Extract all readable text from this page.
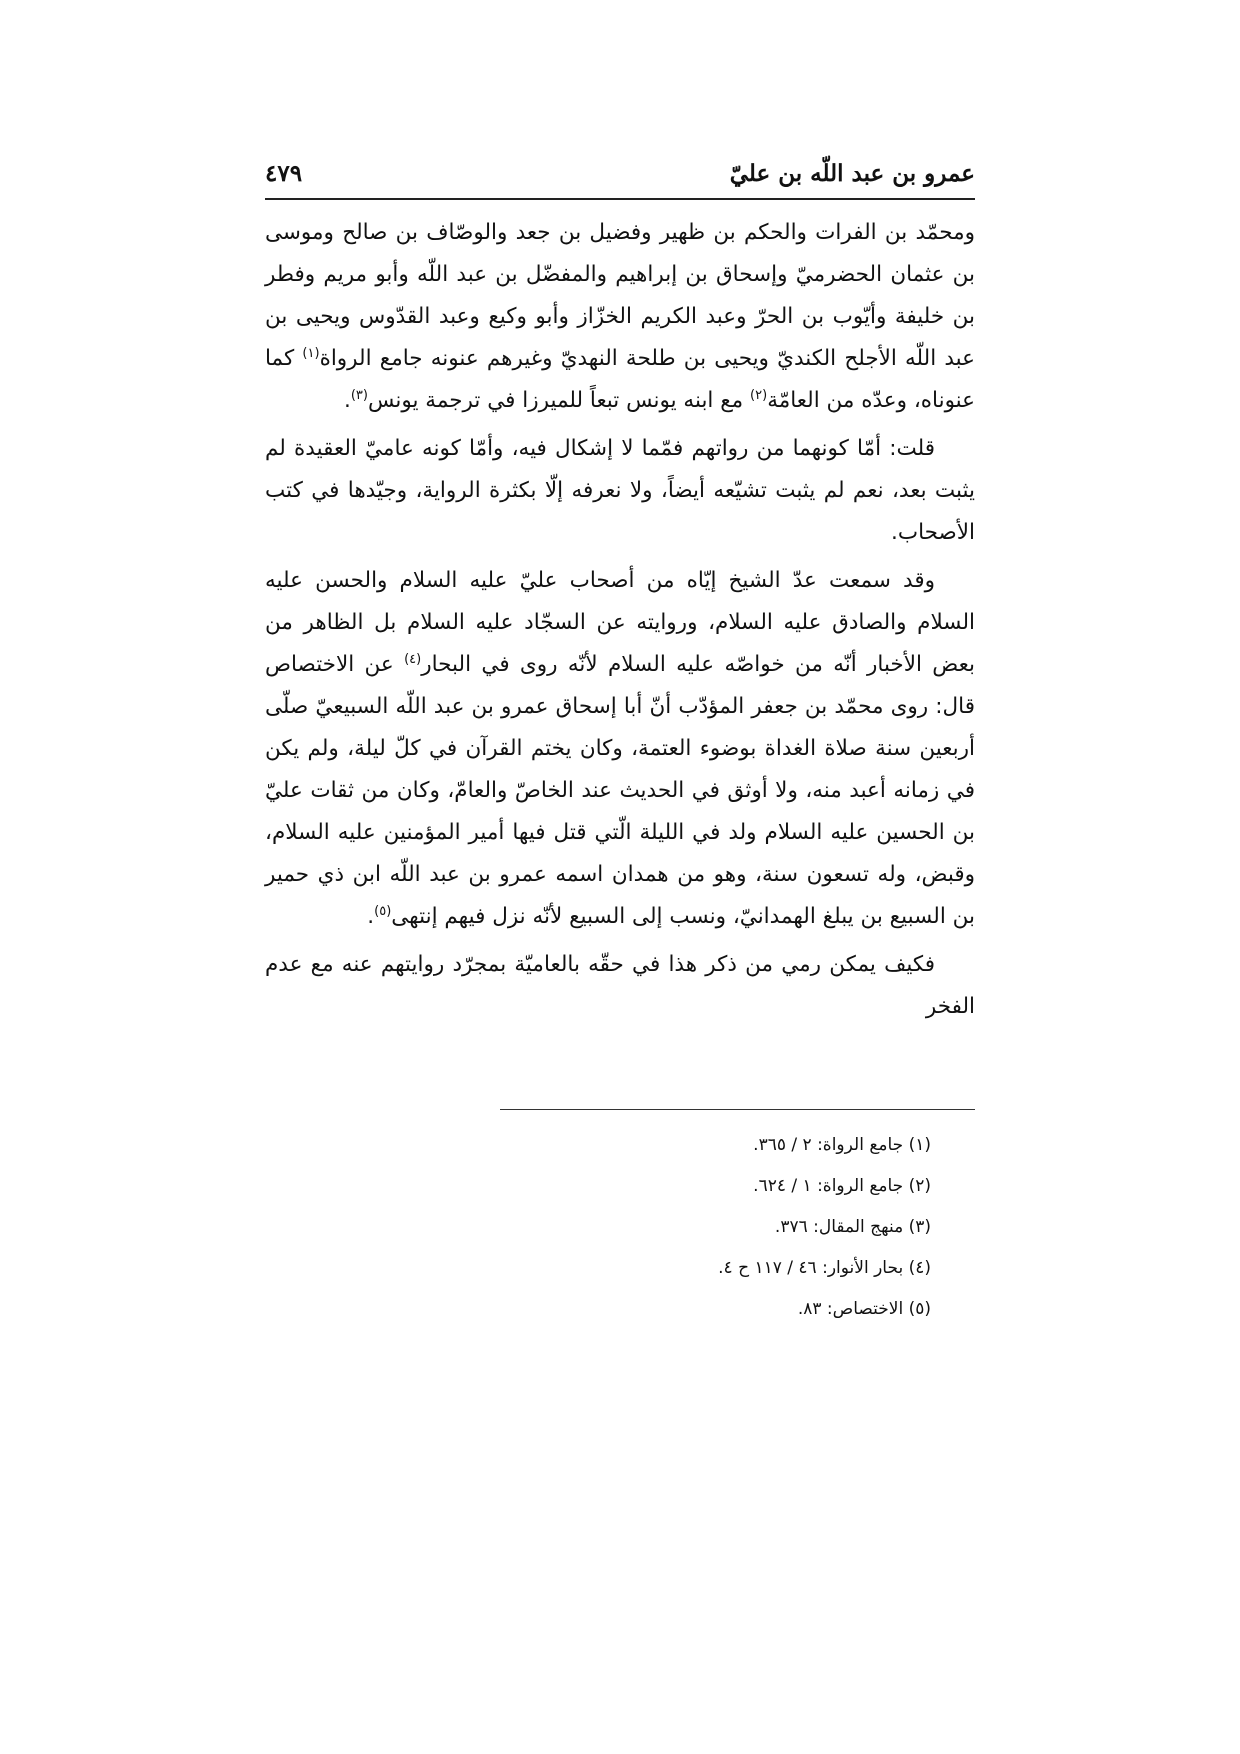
عمرو بن عبد اللّه بن عليّ
٤٧٩

ومحمّد بن الفرات والحكم بن ظهير وفضيل بن جعد والوصّاف بن صالح وموسى بن عثمان الحضرميّ وإسحاق بن إبراهيم والمفضّل بن عبد اللّه وأبو مريم وفطر بن خليفة وأيّوب بن الحرّ وعبد الكريم الخزّاز وأبو وكيع وعبد القدّوس ويحيى بن عبد اللّه الأجلح الكنديّ ويحيى بن طلحة النهديّ وغيرهم عنونه جامع الرواة$^{(١)}$ كما عنوناه، وعدّه من العامّة$^{(٢)}$ مع ابنه يونس تبعاً للميرزا في ترجمة يونس$^{(٣)}$.

قلت: أمّا كونهما من رواتهم فمّما لا إشكال فيه، وأمّا كونه عاميّ العقيدة لم يثبت بعد، نعم لم يثبت تشيّعه أيضاً، ولا نعرفه إلّا بكثرة الرواية، وجيّدها في كتب الأصحاب.

وقد سمعت عدّ الشيخ إيّاه من أصحاب عليّ عليه السلام والحسن عليه السلام والصادق عليه السلام، وروايته عن السجّاد عليه السلام بل الظاهر من بعض الأخبار أنّه من خواصّه عليه السلام لأنّه روى في البحار$^{(٤)}$ عن الاختصاص قال: روى محمّد بن جعفر المؤدّب أنّ أبا إسحاق عمرو بن عبد اللّه السبيعيّ صلّى أربعين سنة صلاة الغداة بوضوء العتمة، وكان يختم القرآن في كلّ ليلة، ولم يكن في زمانه أعبد منه، ولا أوثق في الحديث عند الخاصّ والعامّ، وكان من ثقات عليّ بن الحسين عليه السلام ولد في الليلة الّتي قتل فيها أمير المؤمنين عليه السلام، وقبض، وله تسعون سنة، وهو من همدان اسمه عمرو بن عبد اللّه ابن ذي حمير بن السبيع بن يبلغ الهمدانيّ، ونسب إلى السبيع لأنّه نزل فيهم إنتهى$^{(٥)}$.

فكيف يمكن رمي من ذكر هذا في حقّه بالعاميّة بمجرّد روايتهم عنه مع عدم الفخر

(١) جامع الرواة: ٢ / ٣٦٥.
(٢) جامع الرواة: ١ / ٦٢٤.
(٣) منهج المقال: ٣٧٦.
(٤) بحار الأنوار: ٤٦ / ١١٧ ح ٤.
(٥) الاختصاص: ٨٣.
